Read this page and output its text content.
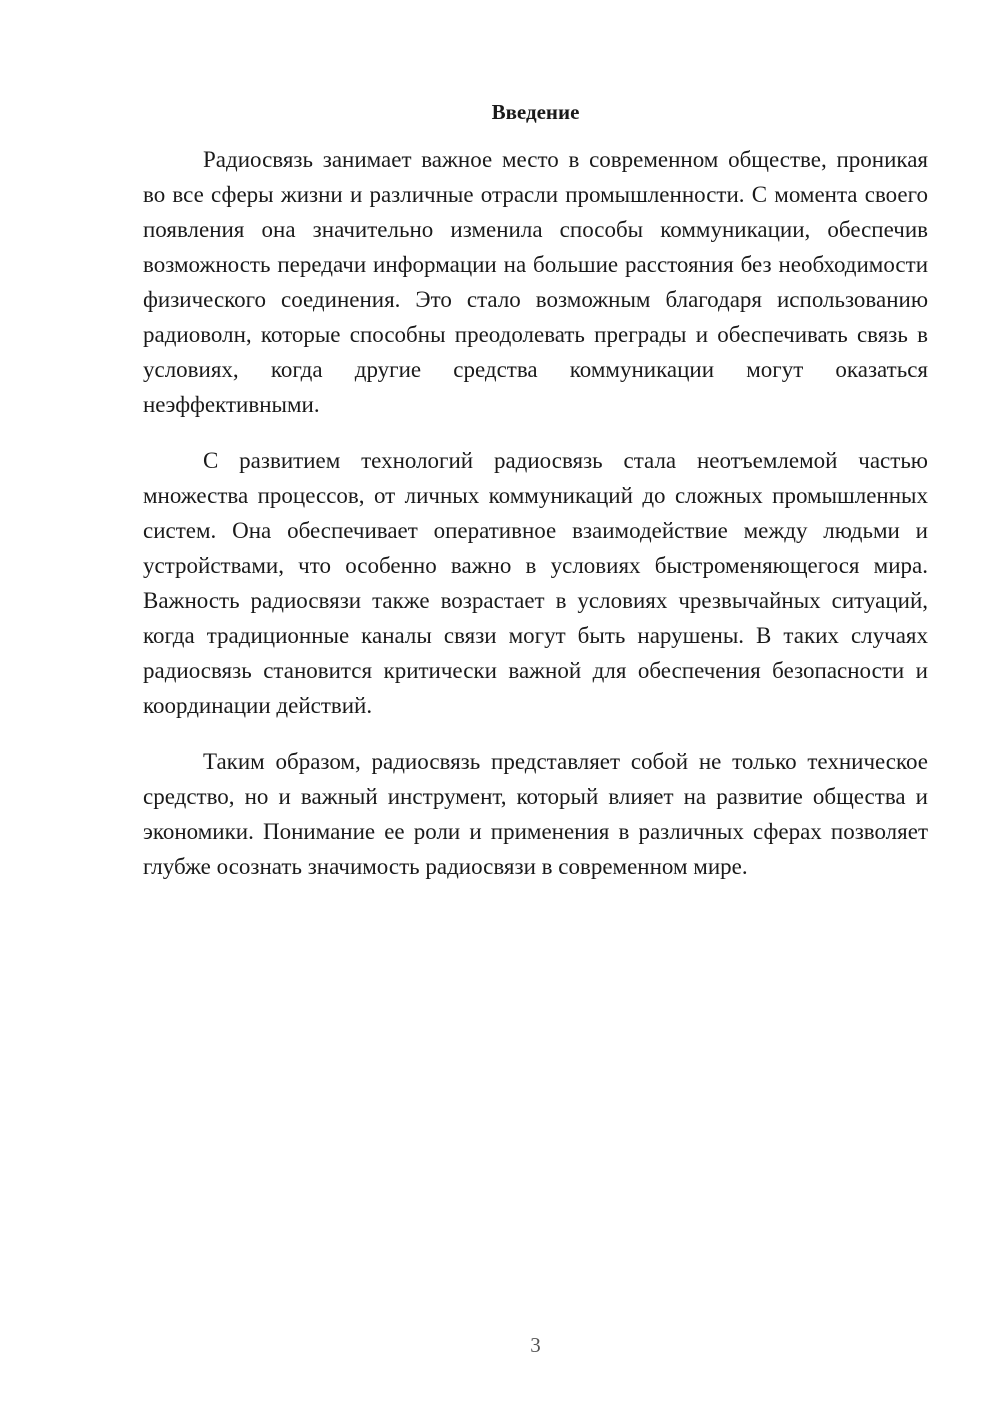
Введение

Радиосвязь занимает важное место в современном обществе, проникая во все сферы жизни и различные отрасли промышленности. С момента своего появления она значительно изменила способы коммуникации, обеспечив возможность передачи информации на большие расстояния без необходимости физического соединения. Это стало возможным благодаря использованию радиоволн, которые способны преодолевать преграды и обеспечивать связь в условиях, когда другие средства коммуникации могут оказаться неэффективными.

С развитием технологий радиосвязь стала неотъемлемой частью множества процессов, от личных коммуникаций до сложных промышленных систем. Она обеспечивает оперативное взаимодействие между людьми и устройствами, что особенно важно в условиях быстроменяющегося мира. Важность радиосвязи также возрастает в условиях чрезвычайных ситуаций, когда традиционные каналы связи могут быть нарушены. В таких случаях радиосвязь становится критически важной для обеспечения безопасности и координации действий.

Таким образом, радиосвязь представляет собой не только техническое средство, но и важный инструмент, который влияет на развитие общества и экономики. Понимание ее роли и применения в различных сферах позволяет глубже осознать значимость радиосвязи в современном мире.

3
